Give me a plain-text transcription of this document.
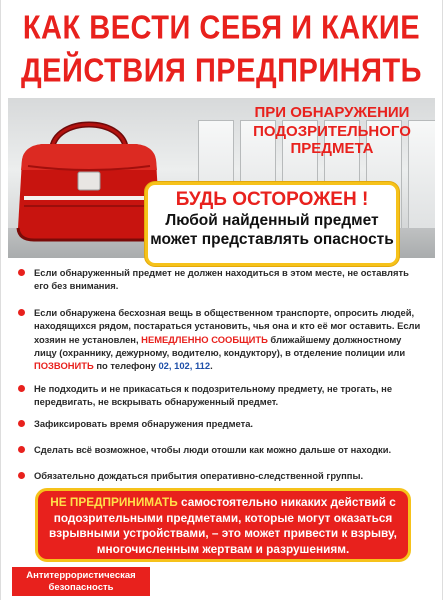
КАК ВЕСТИ СЕБЯ И КАКИЕ
ДЕЙСТВИЯ ПРЕДПРИНЯТЬ
ПРИ ОБНАРУЖЕНИИ
ПОДОЗРИТЕЛЬНОГО ПРЕДМЕТА
БУДЬ ОСТОРОЖЕН !
Любой найденный предмет
может представлять опасность
Если обнаруженный предмет не должен находиться в этом месте, не оставлять его без внимания.
Если обнаружена бесхозная вещь в общественном транспорте, опросить людей, находящихся рядом, постараться установить, чья она и кто её мог оставить. Если хозяин не установлен, НЕМЕДЛЕННО СООБЩИТЬ ближайшему должностному лицу (охраннику, дежурному, водителю, кондуктору), в отделение полиции или ПОЗВОНИТЬ по телефону 02, 102, 112.
Не подходить и не прикасаться к подозрительному предмету, не трогать, не передвигать, не вскрывать обнаруженный предмет.
Зафиксировать время обнаружения предмета.
Сделать всё возможное, чтобы люди отошли как можно дальше от находки.
Обязательно дождаться прибытия оперативно-следственной группы.
НЕ ПРЕДПРИНИМАТЬ самостоятельно никаких действий с подозрительными предметами, которые могут оказаться взрывными устройствами, – это может привести к взрыву, многочисленным жертвам и разрушениям.
Антитеррористическая
безопасность
